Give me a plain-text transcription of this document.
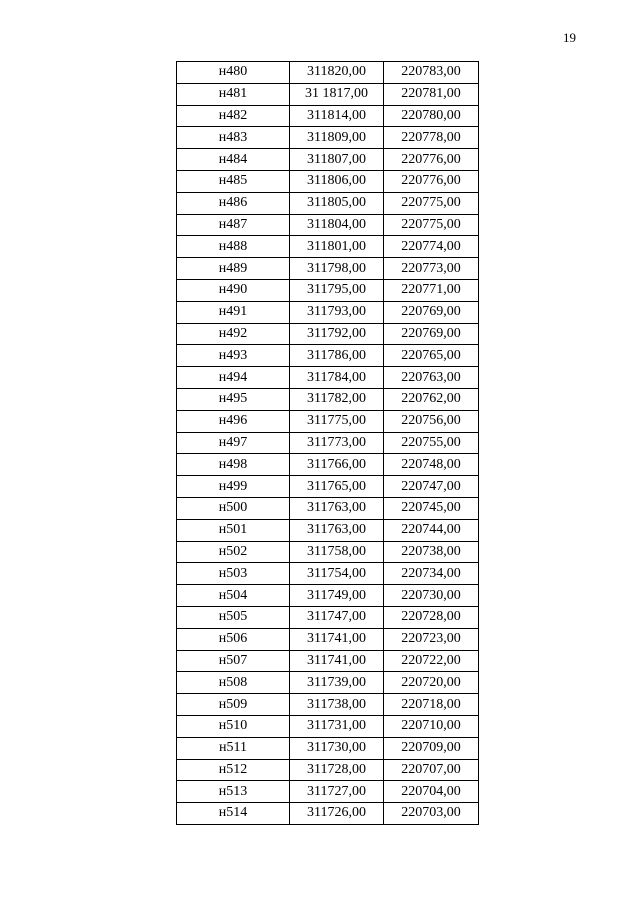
19
н480	311820,00	220783,00
н481	31 1817,00	220781,00
н482	311814,00	220780,00
н483	311809,00	220778,00
н484	311807,00	220776,00
н485	311806,00	220776,00
н486	311805,00	220775,00
н487	311804,00	220775,00
н488	311801,00	220774,00
н489	311798,00	220773,00
н490	311795,00	220771,00
н491	311793,00	220769,00
н492	311792,00	220769,00
н493	311786,00	220765,00
н494	311784,00	220763,00
н495	311782,00	220762,00
н496	311775,00	220756,00
н497	311773,00	220755,00
н498	311766,00	220748,00
н499	311765,00	220747,00
н500	311763,00	220745,00
н501	311763,00	220744,00
н502	311758,00	220738,00
н503	311754,00	220734,00
н504	311749,00	220730,00
н505	311747,00	220728,00
н506	311741,00	220723,00
н507	311741,00	220722,00
н508	311739,00	220720,00
н509	311738,00	220718,00
н510	311731,00	220710,00
н511	311730,00	220709,00
н512	311728,00	220707,00
н513	311727,00	220704,00
н514	311726,00	220703,00
